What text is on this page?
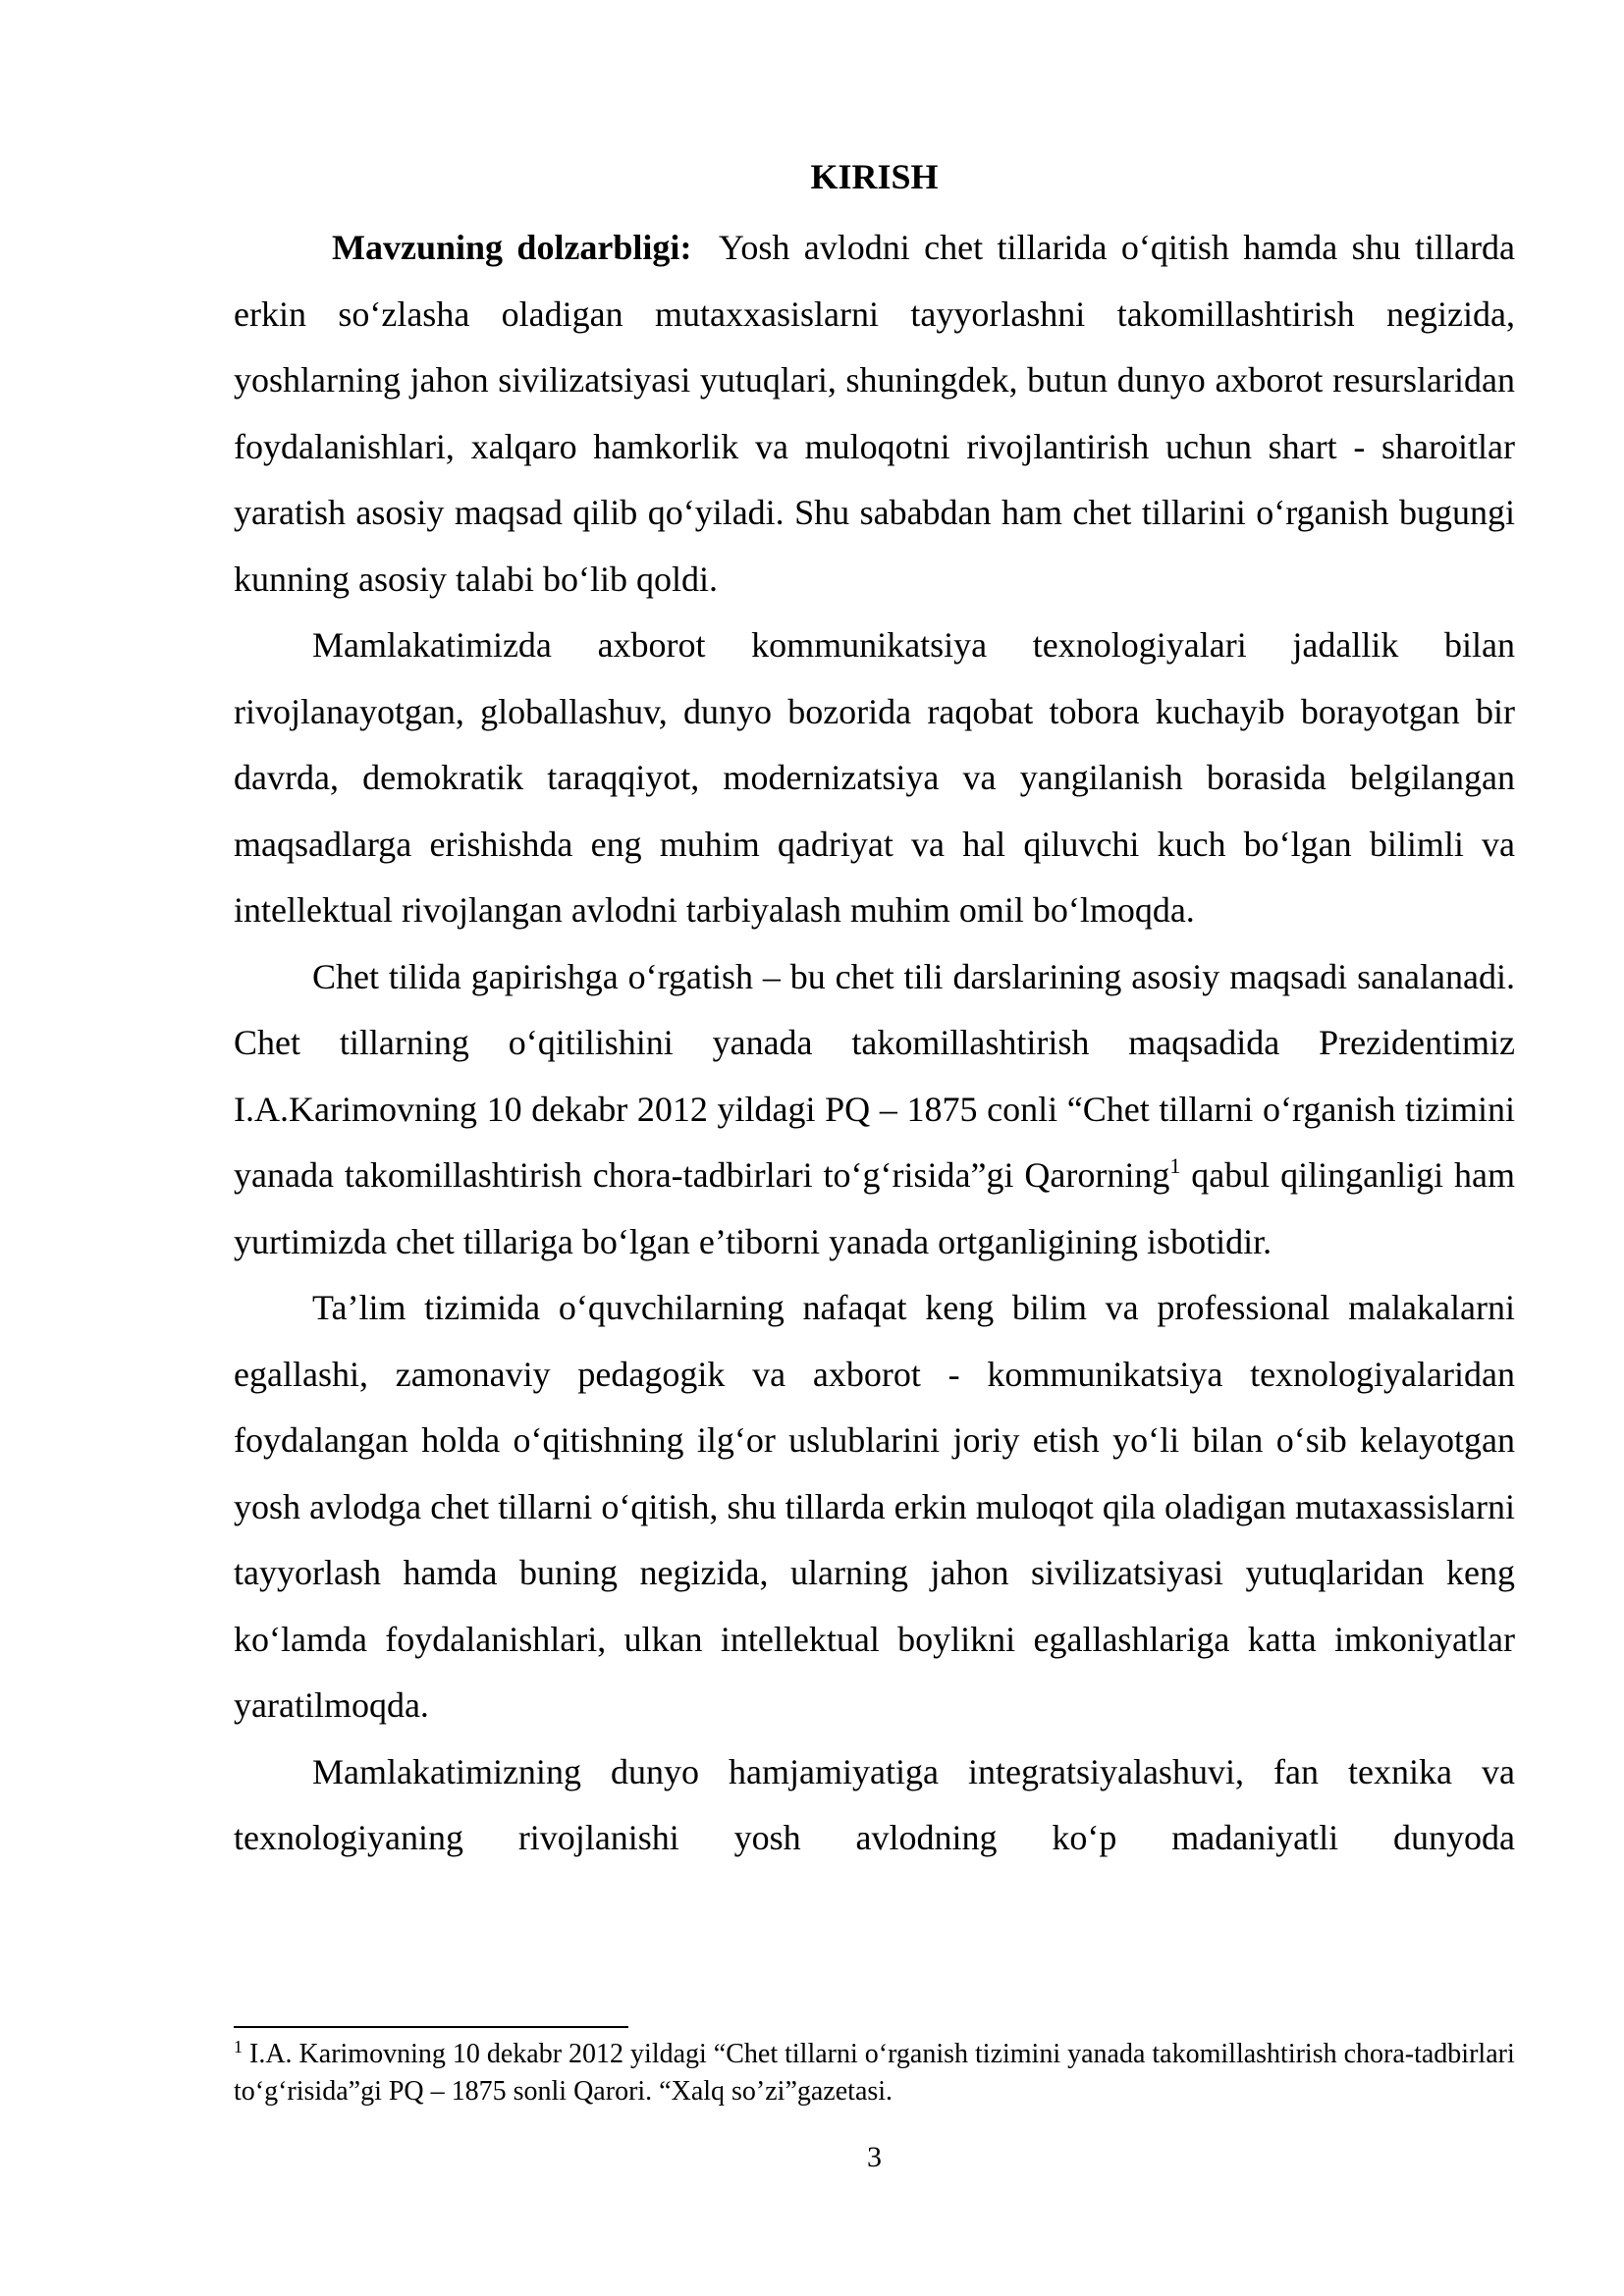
KIRISH

Mavzuning dolzarbligi: Yosh avlodni chet tillarida o‘qitish hamda shu tillarda erkin so‘zlasha oladigan mutaxxasislarni tayyorlashni takomillashtirish negizida, yoshlarning jahon sivilizatsiyasi yutuqlari, shuningdek, butun dunyo axborot resurslaridan foydalanishlari, xalqaro hamkorlik va muloqotni rivojlantirish uchun shart - sharoitlar yaratish asosiy maqsad qilib qo‘yiladi. Shu sababdan ham chet tillarini o‘rganish bugungi kunning asosiy talabi bo‘lib qoldi.

Mamlakatimizda axborot kommunikatsiya texnologiyalari jadallik bilan rivojlanayotgan, globallashuv, dunyo bozorida raqobat tobora kuchayib borayotgan bir davrda, demokratik taraqqiyot, modernizatsiya va yangilanish borasida belgilangan maqsadlarga erishishda eng muhim qadriyat va hal qiluvchi kuch bo‘lgan bilimli va intellektual rivojlangan avlodni tarbiyalash muhim omil bo‘lmoqda.

Chet tilida gapirishga o‘rgatish – bu chet tili darslarining asosiy maqsadi sanalanadi. Chet tillarning o‘qitilishini yanada takomillashtirish maqsadida Prezidentimiz I.A.Karimovning 10 dekabr 2012 yildagi PQ – 1875 conli “Chet tillarni o‘rganish tizimini yanada takomillashtirish chora-tadbirlari to‘g‘risida”gi Qarorning$^1$ qabul qilinganligi ham yurtimizda chet tillariga bo‘lgan e’tiborni yanada ortganligining isbotidir.

Ta’lim tizimida o‘quvchilarning nafaqat keng bilim va professional malakalarni egallashi, zamonaviy pedagogik va axborot - kommunikatsiya texnologiyalaridan foydalangan holda o‘qitishning ilg‘or uslublarini joriy etish yo‘li bilan o‘sib kelayotgan yosh avlodga chet tillarni o‘qitish, shu tillarda erkin muloqot qila oladigan mutaxassislarni tayyorlash hamda buning negizida, ularning jahon sivilizatsiyasi yutuqlaridan keng ko‘lamda foydalanishlari, ulkan intellektual boylikni egallashlariga katta imkoniyatlar yaratilmoqda.

Mamlakatimizning dunyo hamjamiyatiga integratsiyalashuvi, fan texnika va texnologiyaning rivojlanishi yosh avlodning ko‘p madaniyatli dunyoda

$^1$ I.A. Karimovning 10 dekabr 2012 yildagi “Chet tillarni o‘rganish tizimini yanada takomillashtirish chora-tadbirlari to‘g‘risida”gi PQ – 1875 sonli Qarori. “Xalq so’zi”gazetasi.

3
